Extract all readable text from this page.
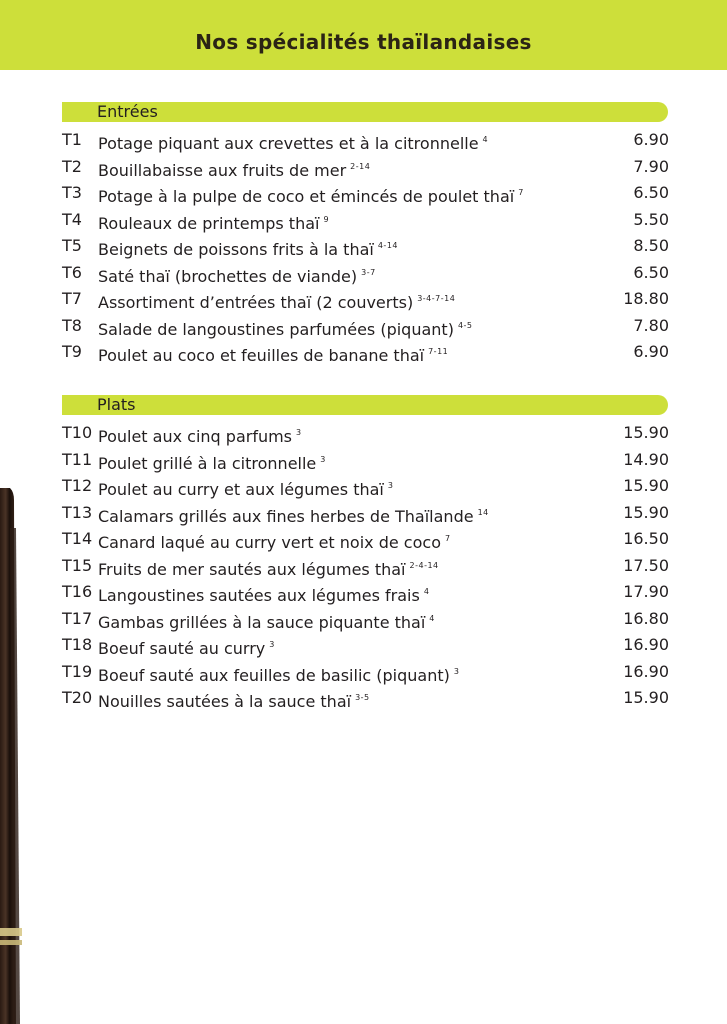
Nos spécialités thaïlandaises
Entrées
Plats
T1 Potage piquant aux crevettes et à la citronnelle $^4$	6.90
T2 Bouillabaisse aux fruits de mer $^{2-14}$	7.90
T3 Potage à la pulpe de coco et émincés de poulet thaï $^7$	6.50
T4 Rouleaux de printemps thaï $^9$	5.50
T5 Beignets de poissons frits à la thaï $^{4-14}$	8.50
T6 Saté thaï (brochettes de viande) $^{3-7}$	6.50
T7 Assortiment d’entrées thaï (2 couverts) $^{3-4-7-14}$	18.80
T8 Salade de langoustines parfumées (piquant) $^{4-5}$	7.80
T9 Poulet au coco et feuilles de banane thaï $^{7-11}$	6.90
T10 Poulet aux cinq parfums $^3$	15.90
T11 Poulet grillé à la citronnelle $^3$	14.90
T12 Poulet au curry et aux légumes thaï $^3$	15.90
T13 Calamars grillés aux fines herbes de Thaïlande $^{14}$	15.90
T14 Canard laqué au curry vert et noix de coco $^7$	16.50
T15 Fruits de mer sautés aux légumes thaï $^{2-4-14}$	17.50
T16 Langoustines sautées aux légumes frais $^4$	17.90
T17 Gambas grillées à la sauce piquante thaï $^4$	16.80
T18 Boeuf sauté au curry $^3$	16.90
T19 Boeuf sauté aux feuilles de basilic (piquant) $^3$	16.90
T20 Nouilles sautées à la sauce thaï $^{3-5}$	15.90
